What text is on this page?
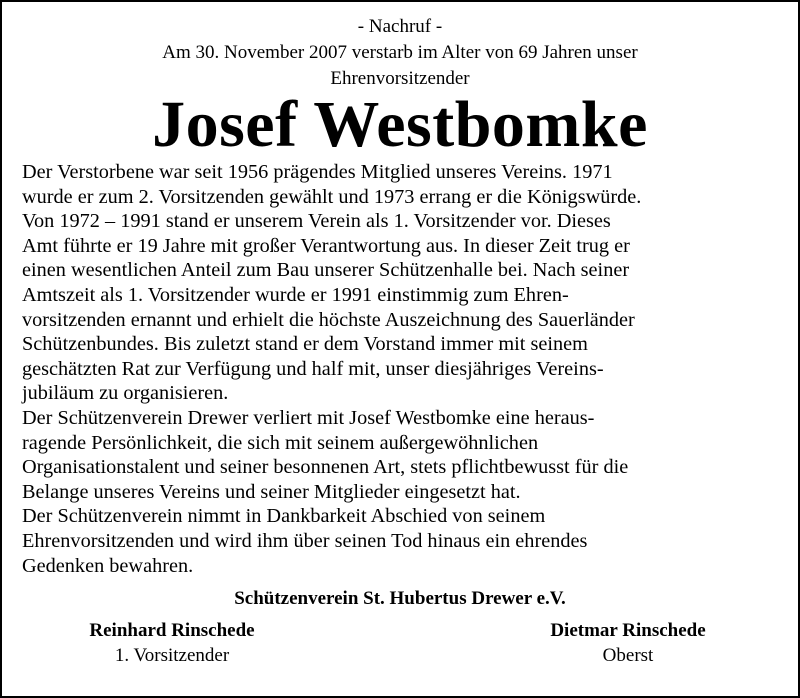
- Nachruf -

Am 30. November 2007 verstarb im Alter von 69 Jahren unser

Ehrenvorsitzender

Josef Westbomke
Der Verstorbene war seit 1956 prägendes Mitglied unseres Vereins. 1971
wurde er zum 2. Vorsitzenden gewählt und 1973 errang er die Königswürde.
Von 1972 – 1991 stand er unserem Verein als 1. Vorsitzender vor. Dieses
Amt führte er 19 Jahre mit großer Verantwortung aus. In dieser Zeit trug er
einen wesentlichen Anteil zum Bau unserer Schützenhalle bei. Nach seiner
Amtszeit als 1. Vorsitzender wurde er 1991 einstimmig zum Ehren-
vorsitzenden ernannt und erhielt die höchste Auszeichnung des Sauerländer
Schützenbundes. Bis zuletzt stand er dem Vorstand immer mit seinem
geschätzten Rat zur Verfügung und half mit, unser diesjähriges Vereins-
jubiläum zu organisieren.
Der Schützenverein Drewer verliert mit Josef Westbomke eine heraus-
ragende Persönlichkeit, die sich mit seinem außergewöhnlichen
Organisationstalent und seiner besonnenen Art, stets pflichtbewusst für die
Belange unseres Vereins und seiner Mitglieder eingesetzt hat.
Der Schützenverein nimmt in Dankbarkeit Abschied von seinem
Ehrenvorsitzenden und wird ihm über seinen Tod hinaus ein ehrendes
Gedenken bewahren.

Schützenverein St. Hubertus Drewer e.V.

Reinhard Rinschede
1. Vorsitzender
Dietmar Rinschede
Oberst
